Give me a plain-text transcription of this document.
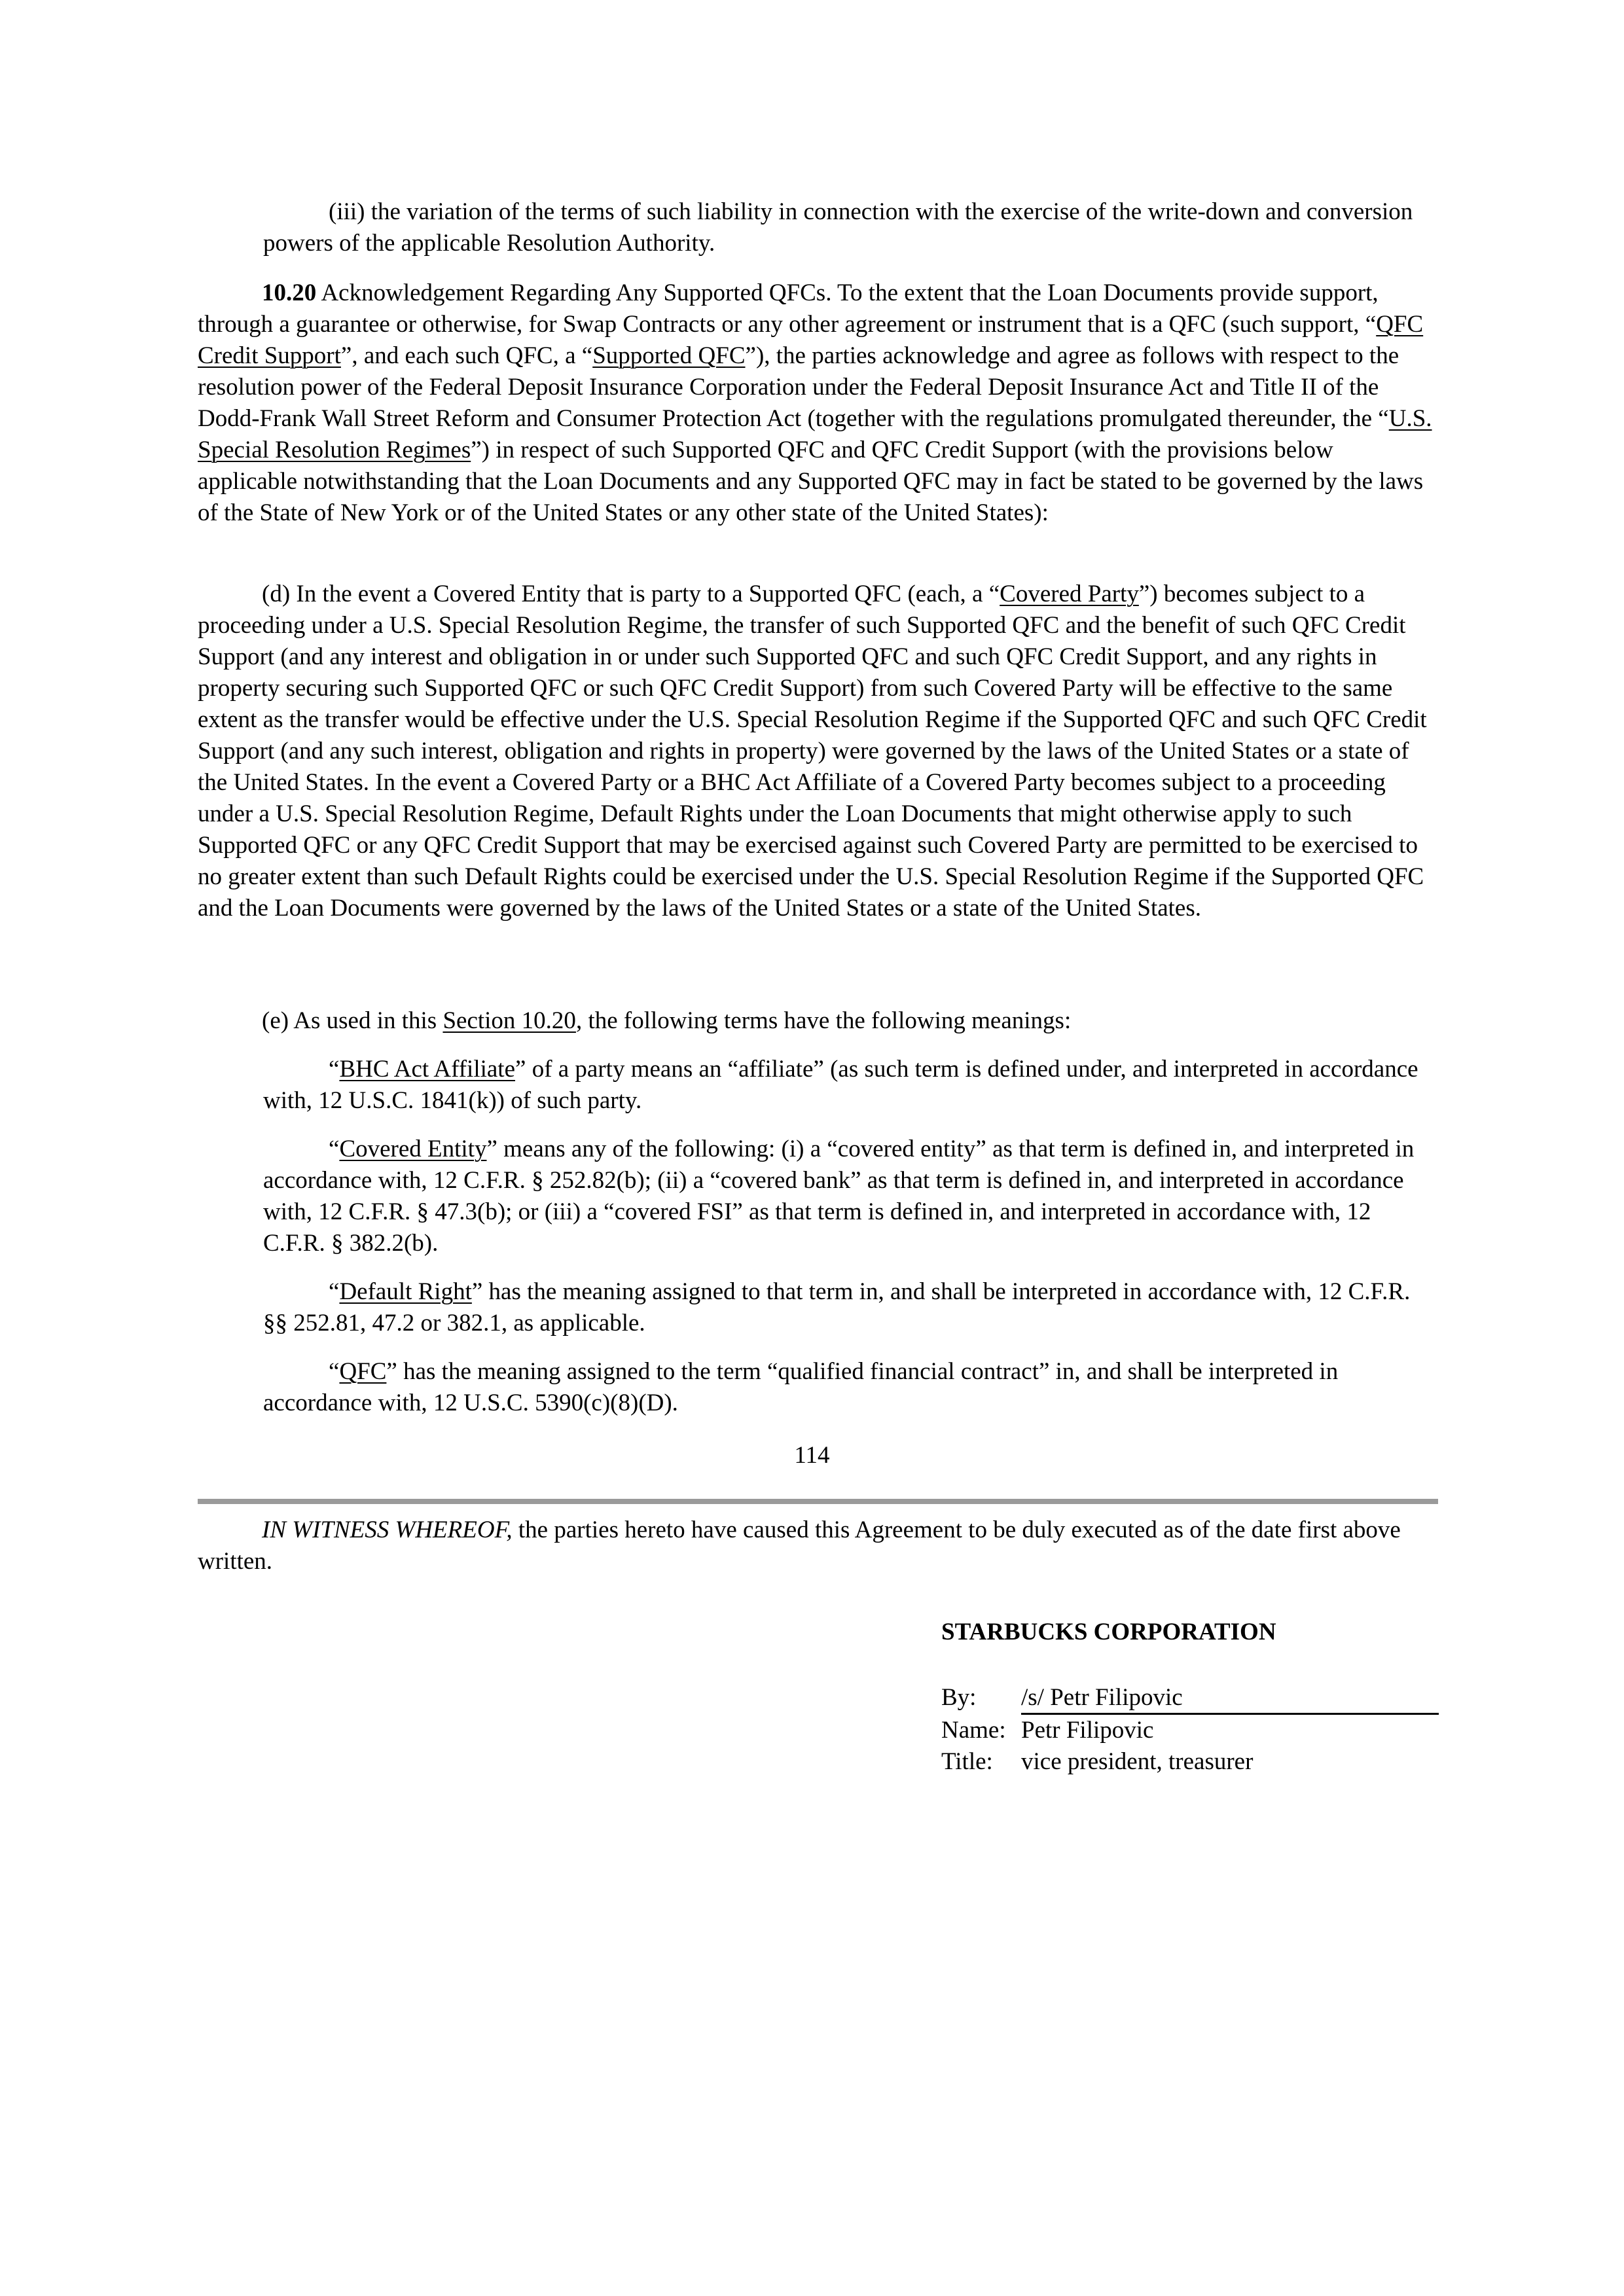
(iii) the variation of the terms of such liability in connection with the exercise of the write-down and conversion powers of the applicable Resolution Authority.

10.20 Acknowledgement Regarding Any Supported QFCs. To the extent that the Loan Documents provide support, through a guarantee or otherwise, for Swap Contracts or any other agreement or instrument that is a QFC (such support, “QFC Credit Support”, and each such QFC, a “Supported QFC”), the parties acknowledge and agree as follows with respect to the resolution power of the Federal Deposit Insurance Corporation under the Federal Deposit Insurance Act and Title II of the Dodd-Frank Wall Street Reform and Consumer Protection Act (together with the regulations promulgated thereunder, the “U.S. Special Resolution Regimes”) in respect of such Supported QFC and QFC Credit Support (with the provisions below applicable notwithstanding that the Loan Documents and any Supported QFC may in fact be stated to be governed by the laws of the State of New York or of the United States or any other state of the United States):

(d) In the event a Covered Entity that is party to a Supported QFC (each, a “Covered Party”) becomes subject to a proceeding under a U.S. Special Resolution Regime, the transfer of such Supported QFC and the benefit of such QFC Credit Support (and any interest and obligation in or under such Supported QFC and such QFC Credit Support, and any rights in property securing such Supported QFC or such QFC Credit Support) from such Covered Party will be effective to the same extent as the transfer would be effective under the U.S. Special Resolution Regime if the Supported QFC and such QFC Credit Support (and any such interest, obligation and rights in property) were governed by the laws of the United States or a state of the United States. In the event a Covered Party or a BHC Act Affiliate of a Covered Party becomes subject to a proceeding under a U.S. Special Resolution Regime, Default Rights under the Loan Documents that might otherwise apply to such Supported QFC or any QFC Credit Support that may be exercised against such Covered Party are permitted to be exercised to no greater extent than such Default Rights could be exercised under the U.S. Special Resolution Regime if the Supported QFC and the Loan Documents were governed by the laws of the United States or a state of the United States.

(e) As used in this Section 10.20, the following terms have the following meanings:

“BHC Act Affiliate” of a party means an “affiliate” (as such term is defined under, and interpreted in accordance with, 12 U.S.C. 1841(k)) of such party.

“Covered Entity” means any of the following: (i) a “covered entity” as that term is defined in, and interpreted in accordance with, 12 C.F.R. § 252.82(b); (ii) a “covered bank” as that term is defined in, and interpreted in accordance with, 12 C.F.R. § 47.3(b); or (iii) a “covered FSI” as that term is defined in, and interpreted in accordance with, 12 C.F.R. § 382.2(b).

“Default Right” has the meaning assigned to that term in, and shall be interpreted in accordance with, 12 C.F.R. §§ 252.81, 47.2 or 382.1, as applicable.

“QFC” has the meaning assigned to the term “qualified financial contract” in, and shall be interpreted in accordance with, 12 U.S.C. 5390(c)(8)(D).

114

IN WITNESS WHEREOF, the parties hereto have caused this Agreement to be duly executed as of the date first above written.

STARBUCKS CORPORATION
By: /s/ Petr Filipovic
Name: Petr Filipovic
Title: vice president, treasurer
